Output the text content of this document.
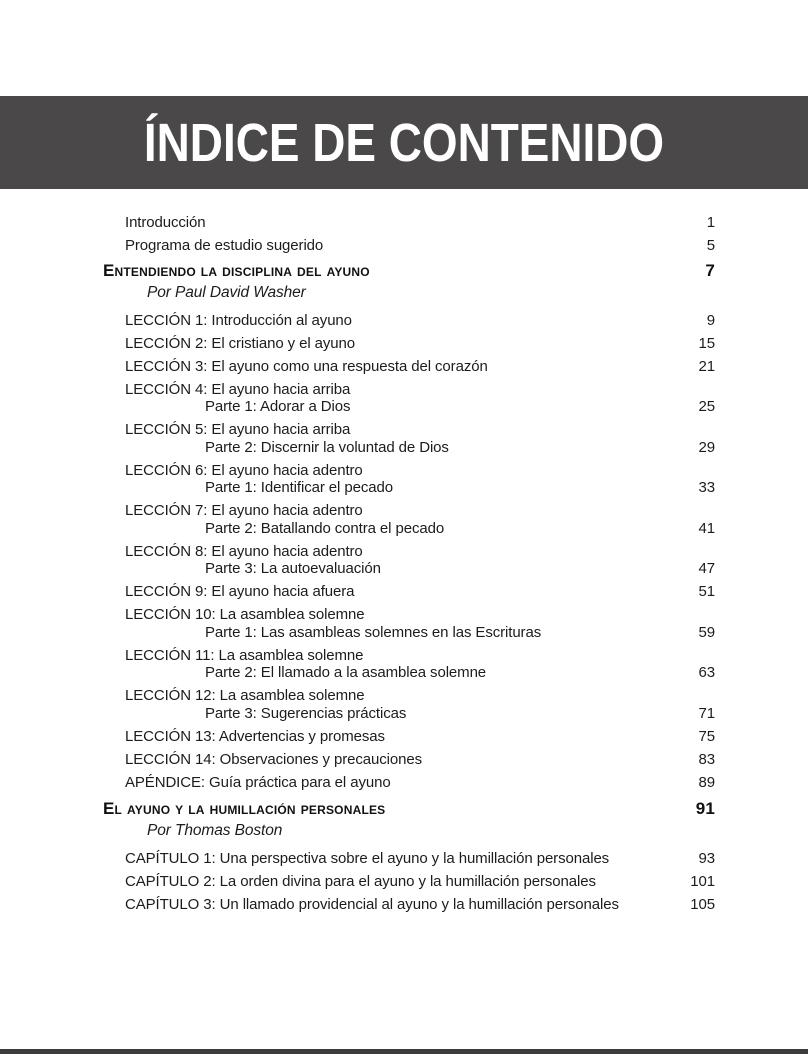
ÍNDICE DE CONTENIDO
Introducción	1
Programa de estudio sugerido	5
Entendiendo la disciplina del ayuno	7
Por Paul David Washer
LECCIÓN 1: Introducción al ayuno	9
LECCIÓN 2: El cristiano y el ayuno	15
LECCIÓN 3: El ayuno como una respuesta del corazón	21
LECCIÓN 4: El ayuno hacia arriba
Parte 1: Adorar a Dios	25
LECCIÓN 5: El ayuno hacia arriba
Parte 2: Discernir la voluntad de Dios	29
LECCIÓN 6: El ayuno hacia adentro
Parte 1: Identificar el pecado	33
LECCIÓN 7: El ayuno hacia adentro
Parte 2: Batallando contra el pecado	41
LECCIÓN 8: El ayuno hacia adentro
Parte 3: La autoevaluación	47
LECCIÓN 9: El ayuno hacia afuera	51
LECCIÓN 10: La asamblea solemne
Parte 1: Las asambleas solemnes en las Escrituras	59
LECCIÓN 11: La asamblea solemne
Parte 2: El llamado a la asamblea solemne	63
LECCIÓN 12: La asamblea solemne
Parte 3: Sugerencias prácticas	71
LECCIÓN 13: Advertencias y promesas	75
LECCIÓN 14: Observaciones y precauciones	83
APÉNDICE: Guía práctica para el ayuno	89
El ayuno y la humillación personales	91
Por Thomas Boston
CAPÍTULO 1: Una perspectiva sobre el ayuno y la humillación personales	93
CAPÍTULO 2: La orden divina para el ayuno y la humillación personales	101
CAPÍTULO 3: Un llamado providencial al ayuno y la humillación personales	105
